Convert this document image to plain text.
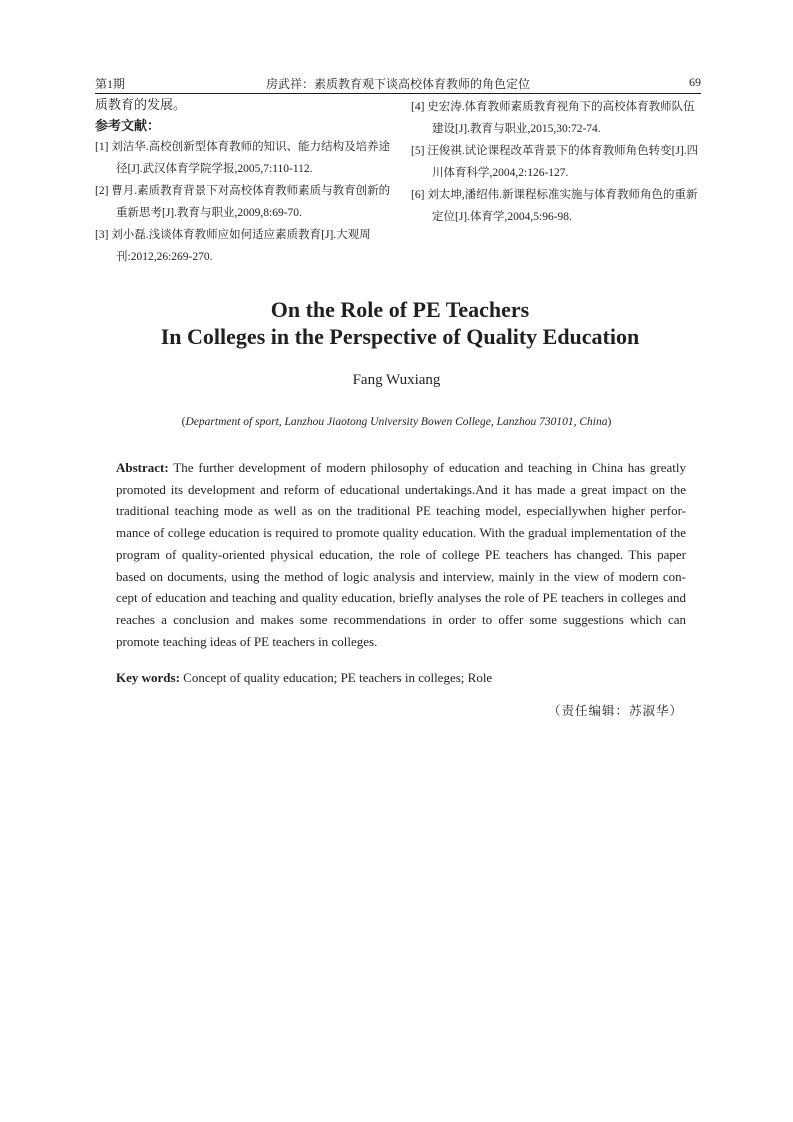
第1期	房武祥：素质教育观下谈高校体育教师的角色定位	69
质教育的发展。
参考文献：

[1] 刘洁华.高校创新型体育教师的知识、能力结构及培养途径[J].武汉体育学院学报,2005,7:110-112.

[2] 曹月.素质教育背景下对高校体育教师素质与教育创新的重新思考[J].教育与职业,2009,8:69-70.

[3] 刘小磊.浅谈体育教师应如何适应素质教育[J].大观周刊:2012,26:269-270.

[4] 史宏涛.体育教师素质教育视角下的高校体育教师队伍建设[J].教育与职业,2015,30:72-74.

[5] 汪俊祺.试论课程改革背景下的体育教师角色转变[J].四川体育科学,2004,2:126-127.

[6] 刘太坤,潘绍伟.新课程标准实施与体育教师角色的重新定位[J].体育学,2004,5:96-98.

On the Role of PE Teachers
In Colleges in the Perspective of Quality Education
Fang Wuxiang
(Department of sport, Lanzhou Jiaotong University Bowen College, Lanzhou 730101, China)
Abstract: The further development of modern philosophy of education and teaching in China has greatly promoted its development and reform of educational undertakings.And it has made a great impact on the traditional teaching mode as well as on the traditional PE teaching model, especiallywhen higher perfor- mance of college education is required to promote quality education. With the gradual implementation of the program of quality-oriented physical education, the role of college PE teachers has changed. This paper based on documents, using the method of logic analysis and interview, mainly in the view of modern con- cept of education and teaching and quality education, briefly analyses the role of PE teachers in colleges and reaches a conclusion and makes some recommendations in order to offer some suggestions which can promote teaching ideas of PE teachers in colleges.
Key words: Concept of quality education; PE teachers in colleges; Role
（责任编辑：苏淑华）
